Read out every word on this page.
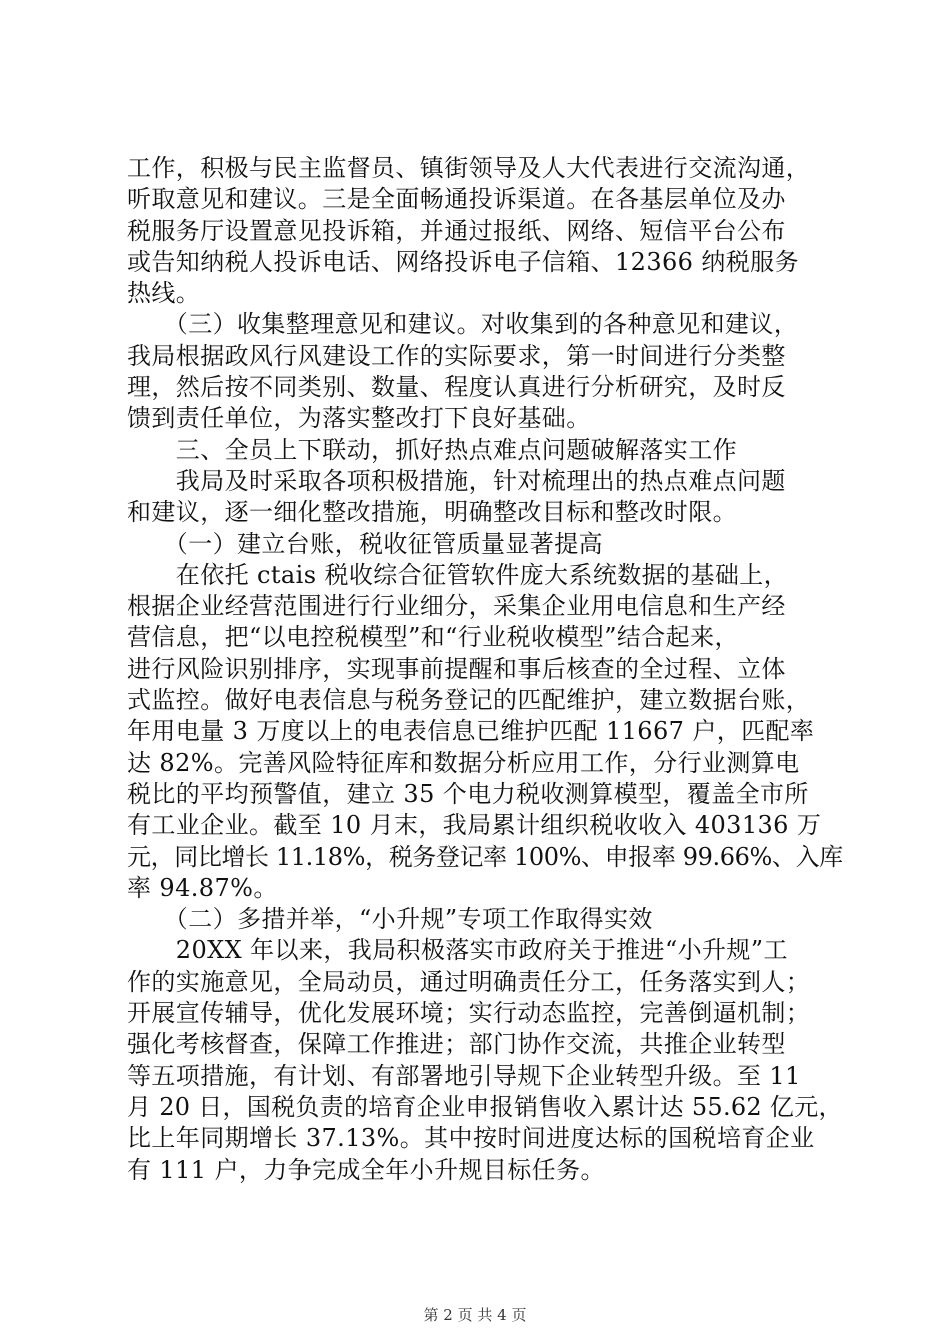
工作，积极与民主监督员、镇街领导及人大代表进行交流沟通，
听取意见和建议。三是全面畅通投诉渠道。在各基层单位及办
税服务厅设置意见投诉箱，并通过报纸、网络、短信平台公布
或告知纳税人投诉电话、网络投诉电子信箱、12366 纳税服务
热线。
　　（三）收集整理意见和建议。对收集到的各种意见和建议，
我局根据政风行风建设工作的实际要求，第一时间进行分类整
理，然后按不同类别、数量、程度认真进行分析研究，及时反
馈到责任单位，为落实整改打下良好基础。
　　三、全员上下联动，抓好热点难点问题破解落实工作
　　我局及时采取各项积极措施，针对梳理出的热点难点问题
和建议，逐一细化整改措施，明确整改目标和整改时限。
　　（一）建立台账，税收征管质量显著提高
　　在依托 ctais 税收综合征管软件庞大系统数据的基础上，
根据企业经营范围进行行业细分，采集企业用电信息和生产经
营信息，把“以电控税模型”和“行业税收模型”结合起来，
进行风险识别排序，实现事前提醒和事后核查的全过程、立体
式监控。做好电表信息与税务登记的匹配维护，建立数据台账，
年用电量 3 万度以上的电表信息已维护匹配 11667 户，匹配率
达 82%。完善风险特征库和数据分析应用工作，分行业测算电
税比的平均预警值，建立 35 个电力税收测算模型，覆盖全市所
有工业企业。截至 10 月末，我局累计组织税收收入 403136 万
元，同比增长 11.18%，税务登记率 100%、申报率 99.66%、入库
率 94.87%。
　　（二）多措并举，“小升规”专项工作取得实效
　　20XX 年以来，我局积极落实市政府关于推进“小升规”工
作的实施意见，全局动员，通过明确责任分工，任务落实到人；
开展宣传辅导，优化发展环境；实行动态监控，完善倒逼机制；
强化考核督查，保障工作推进；部门协作交流，共推企业转型
等五项措施，有计划、有部署地引导规下企业转型升级。至 11
月 20 日，国税负责的培育企业申报销售收入累计达 55.62 亿元，
比上年同期增长 37.13%。其中按时间进度达标的国税培育企业
有 111 户，力争完成全年小升规目标任务。
第 2 页 共 4 页
